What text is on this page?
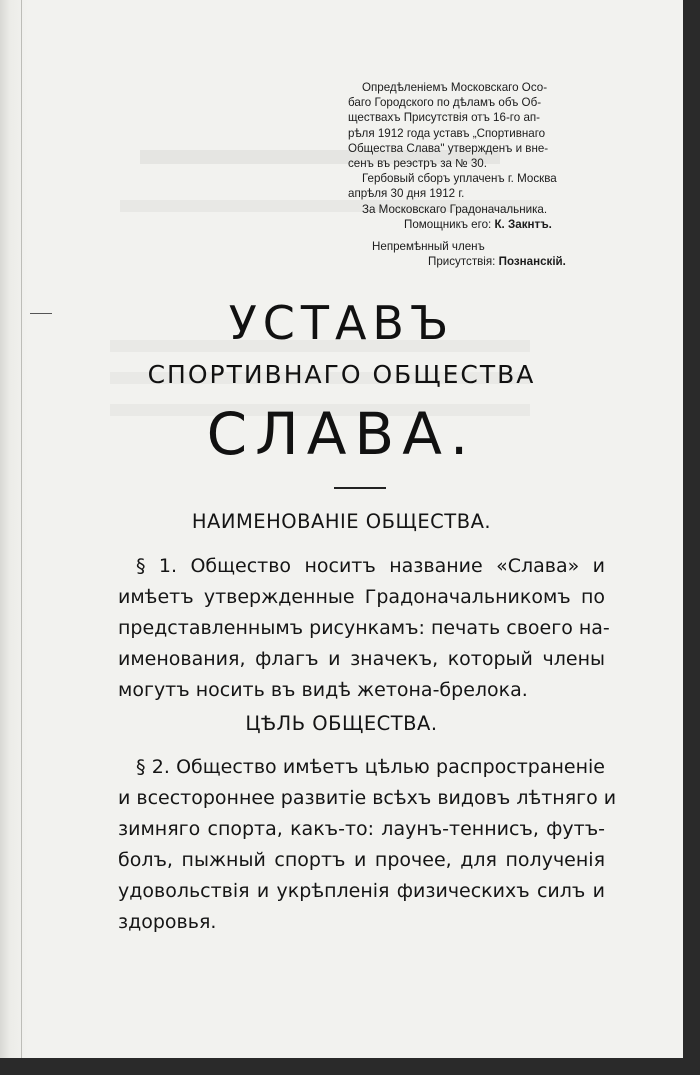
Опредѣленіемъ Московскаго Осо-
баго Городского по дѣламъ объ Об-
ществахъ Присутствія отъ 16-го ап-
рѣля 1912 года уставъ „Спортивнаго
Общества Слава" утвержденъ и внe-
сенъ въ реэстръ за № 30.
Гербовый сборъ уплаченъ г. Москва
апрѣля 30 дня 1912 г.
За Московскаго Градоначальника.
Помощникъ его: К. Закнтъ.
Непремѣнный членъ
Присутствія: Познанскій.
УСТАВЪ
СПОРТИВНАГО ОБЩЕСТВА
СЛАВА.
НАИМЕНОВАНІЕ ОБЩЕСТВА.
§ 1. Общество носитъ название «Слава» и
имѣетъ утвержденные Градоначальникомъ по
представленнымъ рисункамъ: печать своего на-
именования, флагъ и значекъ, который члены
могутъ носить въ видѣ жетона-брелока.
ЦѢЛЬ ОБЩЕСТВА.
§ 2. Общество имѣетъ цѣлью распространеніе
и всестороннее развитіе всѣхъ видовъ лѣтняго и
зимняго спорта, какъ-то: лаунъ-теннисъ, футъ-
болъ, пыжный спортъ и прочее, для полученія
удовольствія и укрѣпленія физическихъ силъ и
здоровья.
